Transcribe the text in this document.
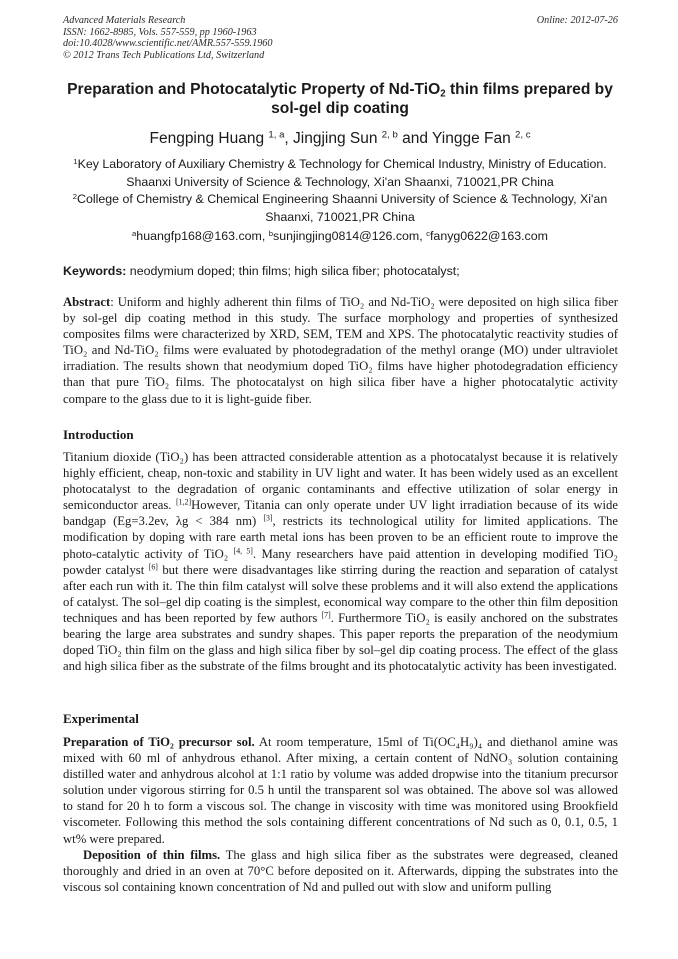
Advanced Materials Research
ISSN: 1662-8985, Vols. 557-559, pp 1960-1963
doi:10.4028/www.scientific.net/AMR.557-559.1960
© 2012 Trans Tech Publications Ltd, Switzerland
Online: 2012-07-26
Preparation and Photocatalytic Property of Nd-TiO$_2$ thin films prepared by sol-gel dip coating
Fengping Huang $^{1, a}$, Jingjing Sun $^{2, b}$ and Yingge Fan $^{2, c}$
$^1$Key Laboratory of Auxiliary Chemistry & Technology for Chemical Industry, Ministry of Education. Shaanxi University of Science & Technology, Xi'an Shaanxi, 710021,PR China
$^2$College of Chemistry & Chemical Engineering Shaanni University of Science & Technology, Xi'an Shaanxi, 710021,PR China
$^a$huangfp168@163.com, $^b$sunjingjing0814@126.com, $^c$fanyg0622@163.com
Keywords: neodymium doped; thin films; high silica fiber; photocatalyst;
Abstract: Uniform and highly adherent thin films of TiO₂ and Nd-TiO₂ were deposited on high silica fiber by sol-gel dip coating method in this study. The surface morphology and properties of synthesized composites films were characterized by XRD, SEM, TEM and XPS. The photocatalytic reactivity studies of TiO₂ and Nd-TiO₂ films were evaluated by photodegradation of the methyl orange (MO) under ultraviolet irradiation. The results shown that neodymium doped TiO₂ films have higher photodegradation efficiency than that pure TiO₂ films. The photocatalyst on high silica fiber have a higher photocatalytic activity compare to the glass due to it is light-guide fiber.
Introduction
Titanium dioxide (TiO₂) has been attracted considerable attention as a photocatalyst because it is relatively highly efficient, cheap, non-toxic and stability in UV light and water. It has been widely used as an excellent photocatalyst to the degradation of organic contaminants and effective utilization of solar energy in semiconductor areas. [1,2]However, Titania can only operate under UV light irradiation because of its wide bandgap (Eg=3.2ev, λg < 384 nm) [3], restricts its technological utility for limited applications. The modification by doping with rare earth metal ions has been proven to be an efficient route to improve the photo-catalytic activity of TiO₂ [4, 5]. Many researchers have paid attention in developing modified TiO₂ powder catalyst [6] but there were disadvantages like stirring during the reaction and separation of catalyst after each run with it. The thin film catalyst will solve these problems and it will also extend the applications of catalyst. The sol–gel dip coating is the simplest, economical way compare to the other thin film deposition techniques and has been reported by few authors [7]. Furthermore TiO₂ is easily anchored on the substrates bearing the large area substrates and sundry shapes. This paper reports the preparation of the neodymium doped TiO₂ thin film on the glass and high silica fiber by sol–gel dip coating process. The effect of the glass and high silica fiber as the substrate of the films brought and its photocatalytic activity has been investigated.
Experimental

Preparation of TiO₂ precursor sol. At room temperature, 15ml of Ti(OC₄H₉)₄ and diethanol amine was mixed with 60 ml of anhydrous ethanol. After mixing, a certain content of NdNO₃ solution containing distilled water and anhydrous alcohol at 1:1 ratio by volume was added dropwise into the titanium precursor solution under vigorous stirring for 0.5 h until the transparent sol was obtained. The above sol was allowed to stand for 20 h to form a viscous sol. The change in viscosity with time was monitored using Brookfield viscometer. Following this method the sols containing different concentrations of Nd such as 0, 0.1, 0.5, 1 wt% were prepared.

Deposition of thin films. The glass and high silica fiber as the substrates were degreased, cleaned thoroughly and dried in an oven at 70°C before deposited on it. Afterwards, dipping the substrates into the viscous sol containing known concentration of Nd and pulled out with slow and uniform pulling
